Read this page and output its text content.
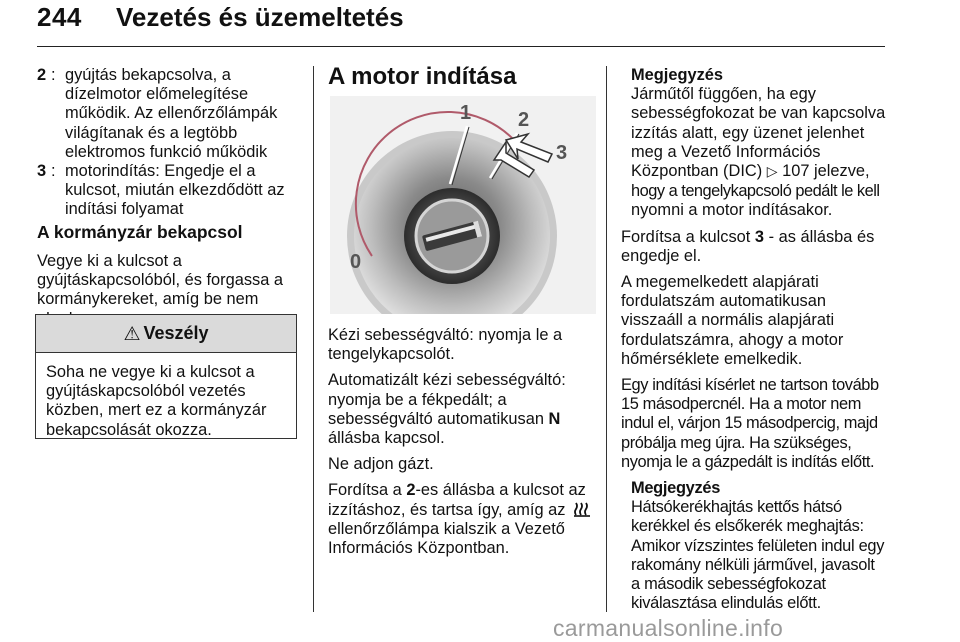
244 Vezetés és üzemeltetés
2 : gyújtás bekapcsolva, a
dízelmotor előmelegítése
működik. Az ellenőrzőlámpák
világítanak és a legtöbb
elektromos funkció működik
3 : motorindítás: Engedje el a
kulcsot, miután elkezdődött az
indítási folyamat
A kormányzár bekapcsol
Vegye ki a kulcsot a
gyújtáskapcsolóból, és forgassa a
kormánykereket, amíg be nem
⚠ Veszély
Soha ne vegye ki a kulcsot a
gyújtáskapcsolóból vezetés
közben, mert ez a kormányzár
bekapcsolását okozza.
A motor indítása
0
1 2
3
Kézi sebességváltó: nyomja le a
tengelykapcsolót.
Automatizált kézi sebességváltó:
nyomja be a fékpedált; a
sebességváltó automatikusan N
állásba kapcsol.
Ne adjon gázt.
Fordítsa a 2-es állásba a kulcsot az
izzításhoz, és tartsa így, amíg az
ellenőrzőlámpa kialszik a Vezető
Információs Központban.
Megjegyzés
Járműtől függően, ha egy
sebességfokozat be van kapcsolva
izzítás alatt, egy üzenet jelenhet
meg a Vezető Információs
Központban (DIC) ▷ 107 jelezve,
hogy a tengelykapcsoló pedált le kell
nyomni a motor indításakor.
Fordítsa a kulcsot 3 - as állásba és
engedje el.
A megemelkedett alapjárati
fordulatszám automatikusan
visszaáll a normális alapjárati
fordulatszámra, ahogy a motor
hőmérséklete emelkedik.
Egy indítási kísérlet ne tartson tovább
15 másodpercnél. Ha a motor nem
indul el, várjon 15 másodpercig, majd
próbálja meg újra. Ha szükséges,
nyomja le a gázpedált is indítás előtt.
Megjegyzés
Hátsókerékhajtás kettős hátsó
kerékkel és elsőkerék meghajtás:
Amikor vízszintes felületen indul egy
rakomány nélküli járművel, javasolt
a második sebességfokozat
kiválasztása elindulás előtt.
carmanualsonline.info
